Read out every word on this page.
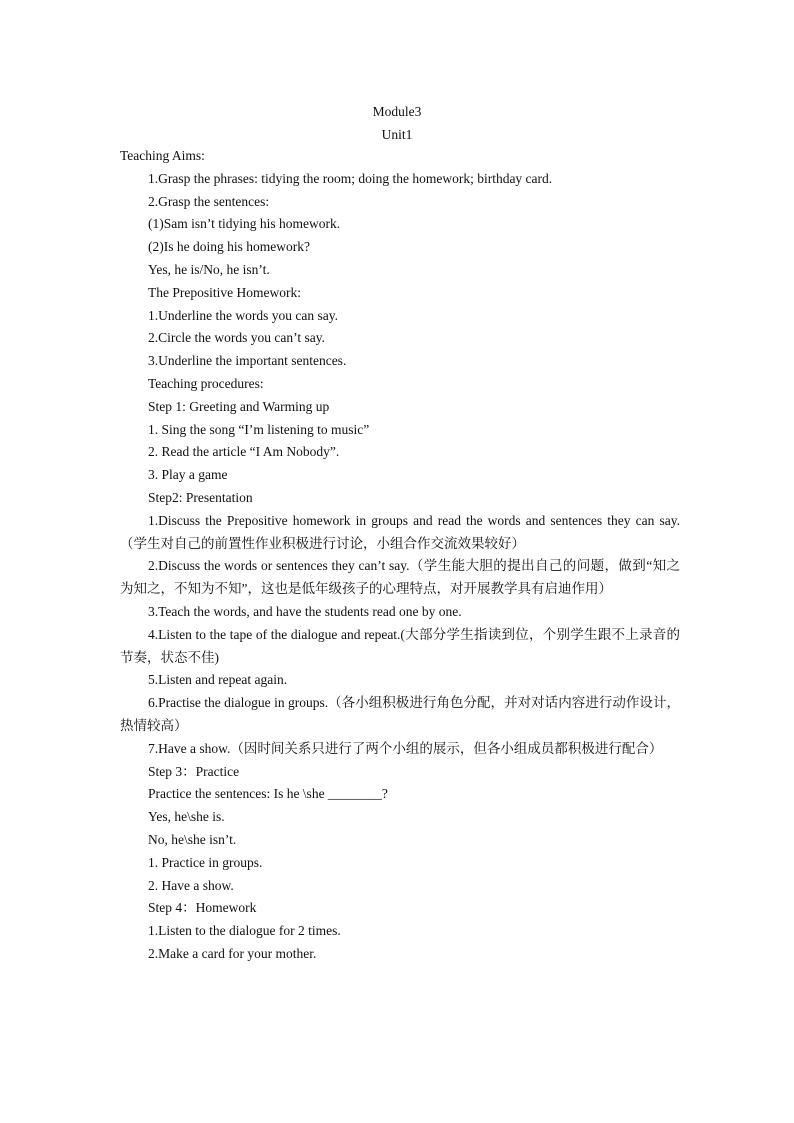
Module3
Unit1
Teaching Aims:
1.Grasp the phrases: tidying the room; doing the homework; birthday card.
2.Grasp the sentences:
(1)Sam isn’t tidying his homework.
(2)Is he doing his homework?
Yes, he is/No, he isn’t.
The Prepositive Homework:
1.Underline the words you can say.
2.Circle the words you can’t say.
3.Underline the important sentences.
Teaching procedures:
Step 1: Greeting and Warming up
1. Sing the song “I’m listening to music”
2. Read the article “I Am Nobody”.
3. Play a game
Step2: Presentation
1.Discuss the Prepositive homework in groups and read the words and sentences they can say.（学生对自己的前置性作业积极进行讨论，小组合作交流效果较好）
2.Discuss the words or sentences they can’t say.（学生能大胆的提出自己的问题，做到“知之为知之，不知为不知”，这也是低年级孩子的心理特点，对开展教学具有启迪作用）
3.Teach the words, and have the students read one by one.
4.Listen to the tape of the dialogue and repeat.(大部分学生指读到位，个别学生跟不上录音的节奏，状态不佳)
5.Listen and repeat again.
6.Practise the dialogue in groups.（各小组积极进行角色分配，并对对话内容进行动作设计，热情较高）
7.Have a show.（因时间关系只进行了两个小组的展示，但各小组成员都积极进行配合）
Step 3：Practice
Practice the sentences: Is he \she ________?
Yes, he\she is.
No, he\she isn’t.
1. Practice in groups.
2. Have a show.
Step 4：Homework
1.Listen to the dialogue for 2 times.
2.Make a card for your mother.
